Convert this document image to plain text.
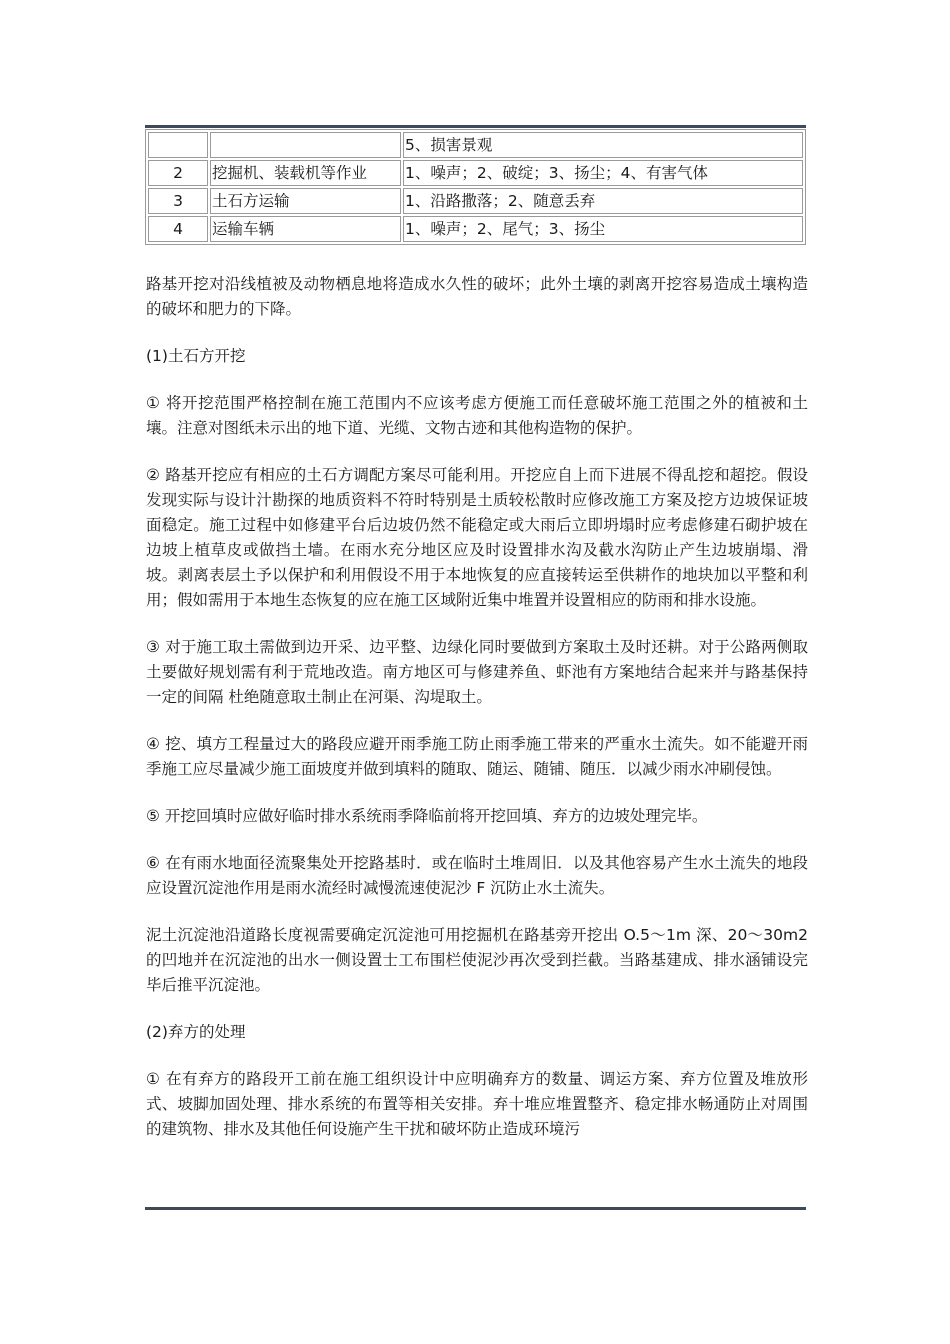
		5、损害景观
2	挖掘机、装载机等作业	1、噪声；2、破绽；3、扬尘；4、有害气体
3	土石方运输	1、沿路撒落；2、随意丢弃
4	运输车辆	1、噪声；2、尾气；3、扬尘

路基开挖对沿线植被及动物栖息地将造成水久性的破坏；此外土壤的剥离开挖容易造成土壤构造的破坏和肥力的下降。

(1)土石方开挖

① 将开挖范围严格控制在施工范围内不应该考虑方便施工而任意破坏施工范围之外的植被和土壤。注意对图纸未示出的地下道、光缆、文物古迹和其他构造物的保护。

② 路基开挖应有相应的土石方调配方案尽可能利用。开挖应自上而下进展不得乱挖和超挖。假设发现实际与设计汁勘探的地质资料不符时特别是土质较松散时应修改施工方案及挖方边坡保证坡面稳定。施工过程中如修建平台后边坡仍然不能稳定或大雨后立即坍塌时应考虑修建石砌护坡在边坡上植草皮或做挡土墙。在雨水充分地区应及时设置排水沟及截水沟防止产生边坡崩塌、滑坡。剥离表层土予以保护和利用假设不用于本地恢复的应直接转运至供耕作的地块加以平整和利用；假如需用于本地生态恢复的应在施工区域附近集中堆置并设置相应的防雨和排水设施。

③ 对于施工取土需做到边开采、边平整、边绿化同时要做到方案取土及时还耕。对于公路两侧取土要做好规划需有利于荒地改造。南方地区可与修建养鱼、虾池有方案地结合起来并与路基保持一定的间隔 杜绝随意取土制止在河渠、沟堤取土。

④ 挖、填方工程量过大的路段应避开雨季施工防止雨季施工带来的严重水土流失。如不能避开雨季施工应尽量减少施工面坡度并做到填料的随取、随运、随铺、随压．以减少雨水冲刷侵蚀。

⑤ 开挖回填时应做好临时排水系统雨季降临前将开挖回填、弃方的边坡处理完毕。

⑥ 在有雨水地面径流聚集处开挖路基时．或在临时土堆周旧．以及其他容易产生水土流失的地段应设置沉淀池作用是雨水流经时减慢流速使泥沙 F 沉防止水土流失。

泥土沉淀池沿道路长度视需要确定沉淀池可用挖掘机在路基旁开挖出 O.5～1m 深、20～30m2 的凹地并在沉淀池的出水一侧设置士工布围栏使泥沙再次受到拦截。当路基建成、排水涵铺设完毕后推平沉淀池。

(2)弃方的处理

① 在有弃方的路段开工前在施工组织设计中应明确弃方的数量、调运方案、弃方位置及堆放形式、坡脚加固处理、排水系统的布置等相关安排。弃十堆应堆置整齐、稳定排水畅通防止对周围的建筑物、排水及其他任何设施产生干扰和破坏防止造成环境污
